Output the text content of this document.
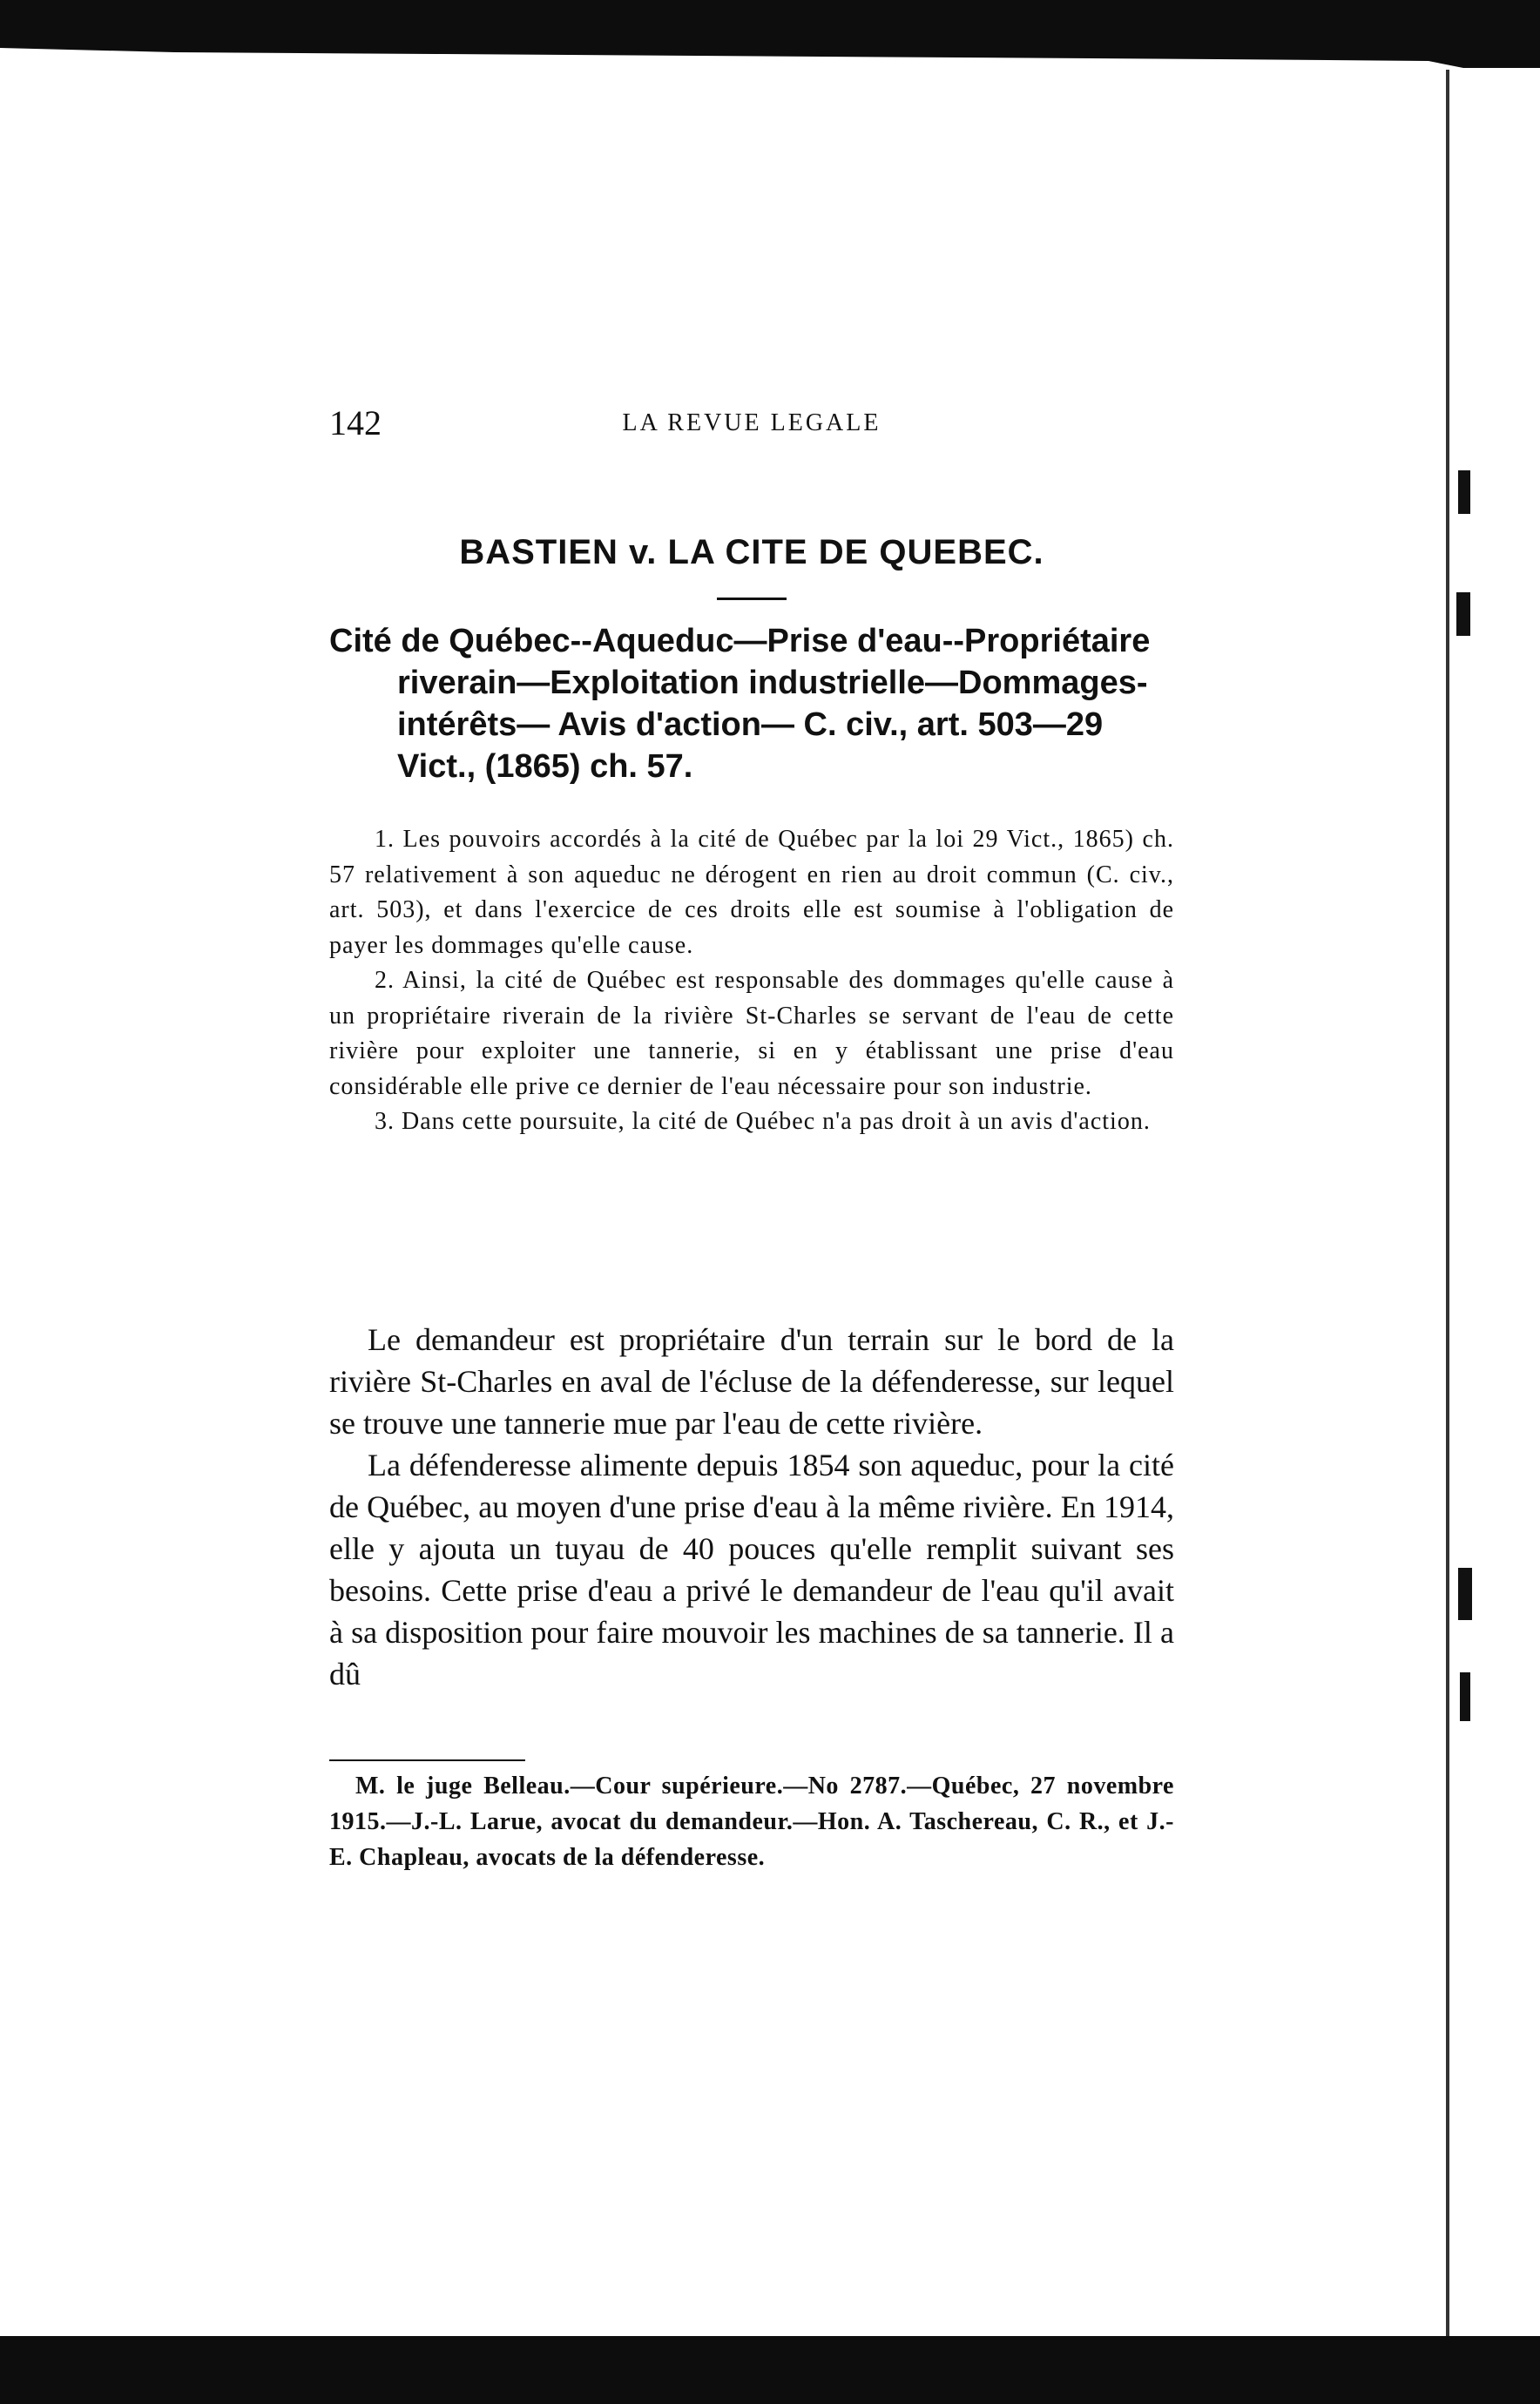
142	LA REVUE LEGALE
BASTIEN v. LA CITE DE QUEBEC.
Cité de Québec--Aqueduc—Prise d'eau--Propriétaire riverain—Exploitation industrielle—Dommages-intérêts— Avis d'action— C. civ., art. 503—29 Vict., (1865) ch. 57.

1. Les pouvoirs accordés à la cité de Québec par la loi 29 Vict., 1865) ch. 57 relativement à son aqueduc ne dérogent en rien au droit commun (C. civ., art. 503), et dans l'exercice de ces droits elle est soumise à l'obligation de payer les dommages qu'elle cause.

2. Ainsi, la cité de Québec est responsable des dommages qu'elle cause à un propriétaire riverain de la rivière St-Charles se servant de l'eau de cette rivière pour exploiter une tannerie, si en y établissant une prise d'eau considérable elle prive ce dernier de l'eau nécessaire pour son industrie.

3. Dans cette poursuite, la cité de Québec n'a pas droit à un avis d'action.

Le demandeur est propriétaire d'un terrain sur le bord de la rivière St-Charles en aval de l'écluse de la défenderesse, sur lequel se trouve une tannerie mue par l'eau de cette rivière.

La défenderesse alimente depuis 1854 son aqueduc, pour la cité de Québec, au moyen d'une prise d'eau à la même rivière. En 1914, elle y ajouta un tuyau de 40 pouces qu'elle remplit suivant ses besoins. Cette prise d'eau a privé le demandeur de l'eau qu'il avait à sa disposition pour faire mouvoir les machines de sa tannerie. Il a dû

M. le juge Belleau.—Cour supérieure.—No 2787.—Québec, 27 novembre 1915.—J.-L. Larue, avocat du demandeur.—Hon. A. Taschereau, C. R., et J.-E. Chapleau, avocats de la défenderesse.
